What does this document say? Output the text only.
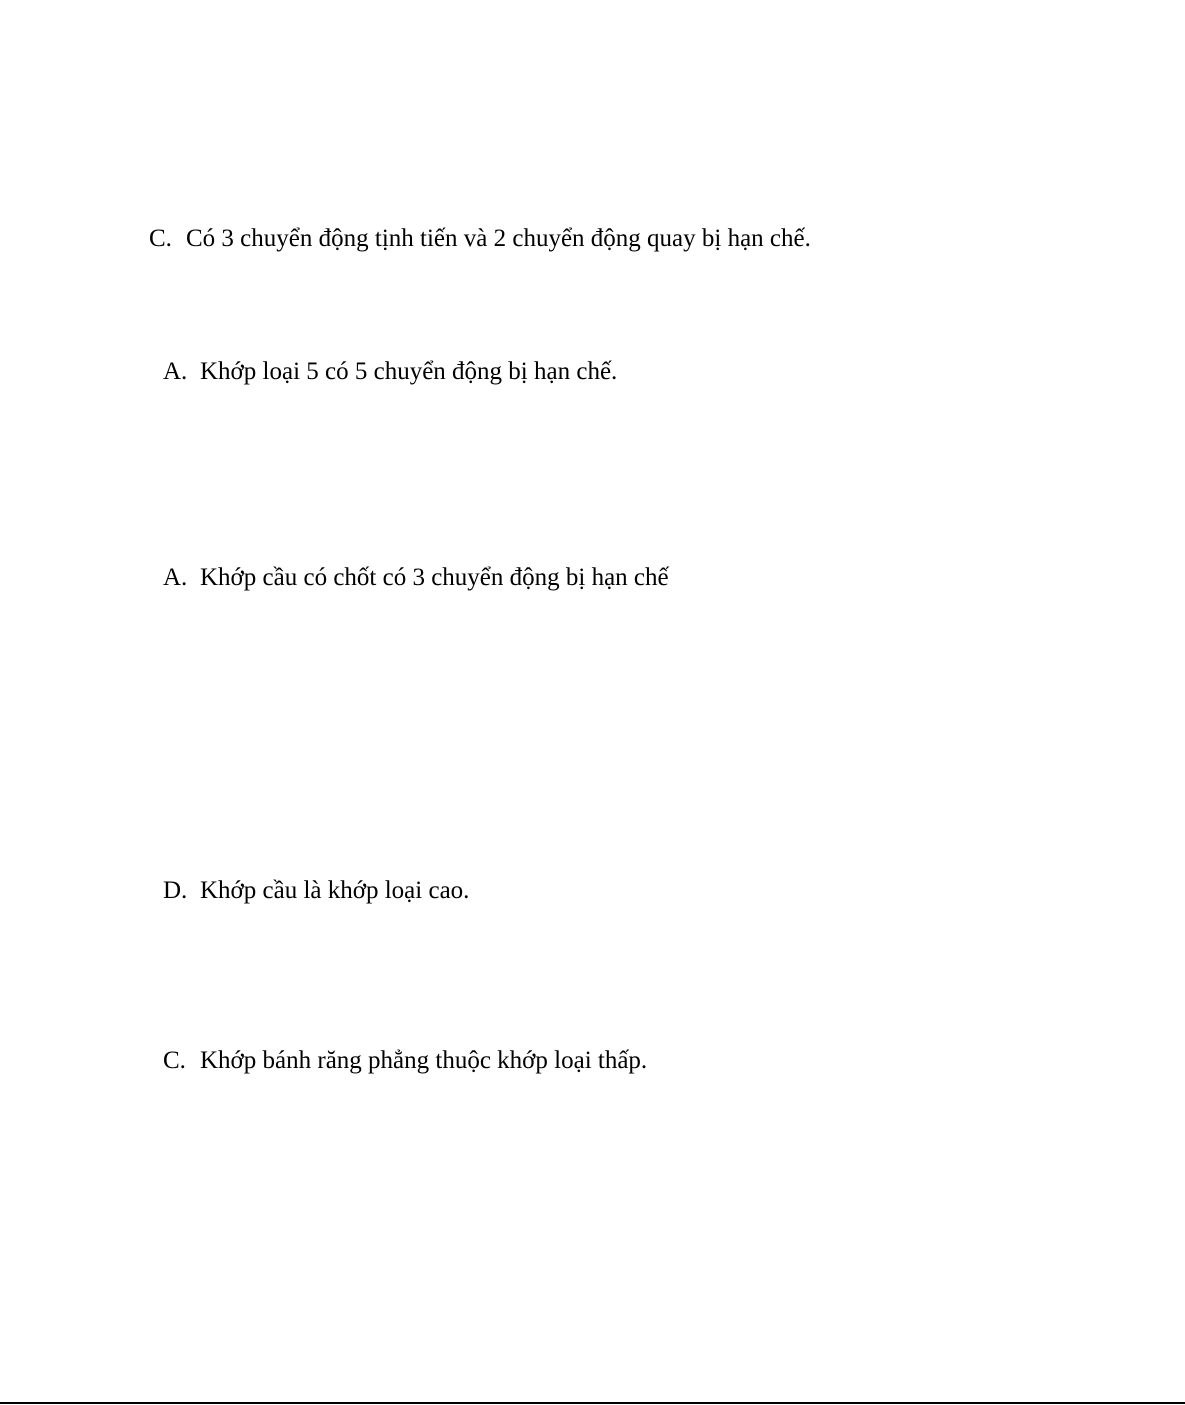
C. Có 3 chuyển động tịnh tiến và 2 chuyển động quay bị hạn chế.

A. Khớp loại 5 có 5 chuyển động bị hạn chế.

A. Khớp cầu có chốt có 3 chuyển động bị hạn chế

D. Khớp cầu là khớp loại cao.

C. Khớp bánh răng phẳng thuộc khớp loại thấp.
